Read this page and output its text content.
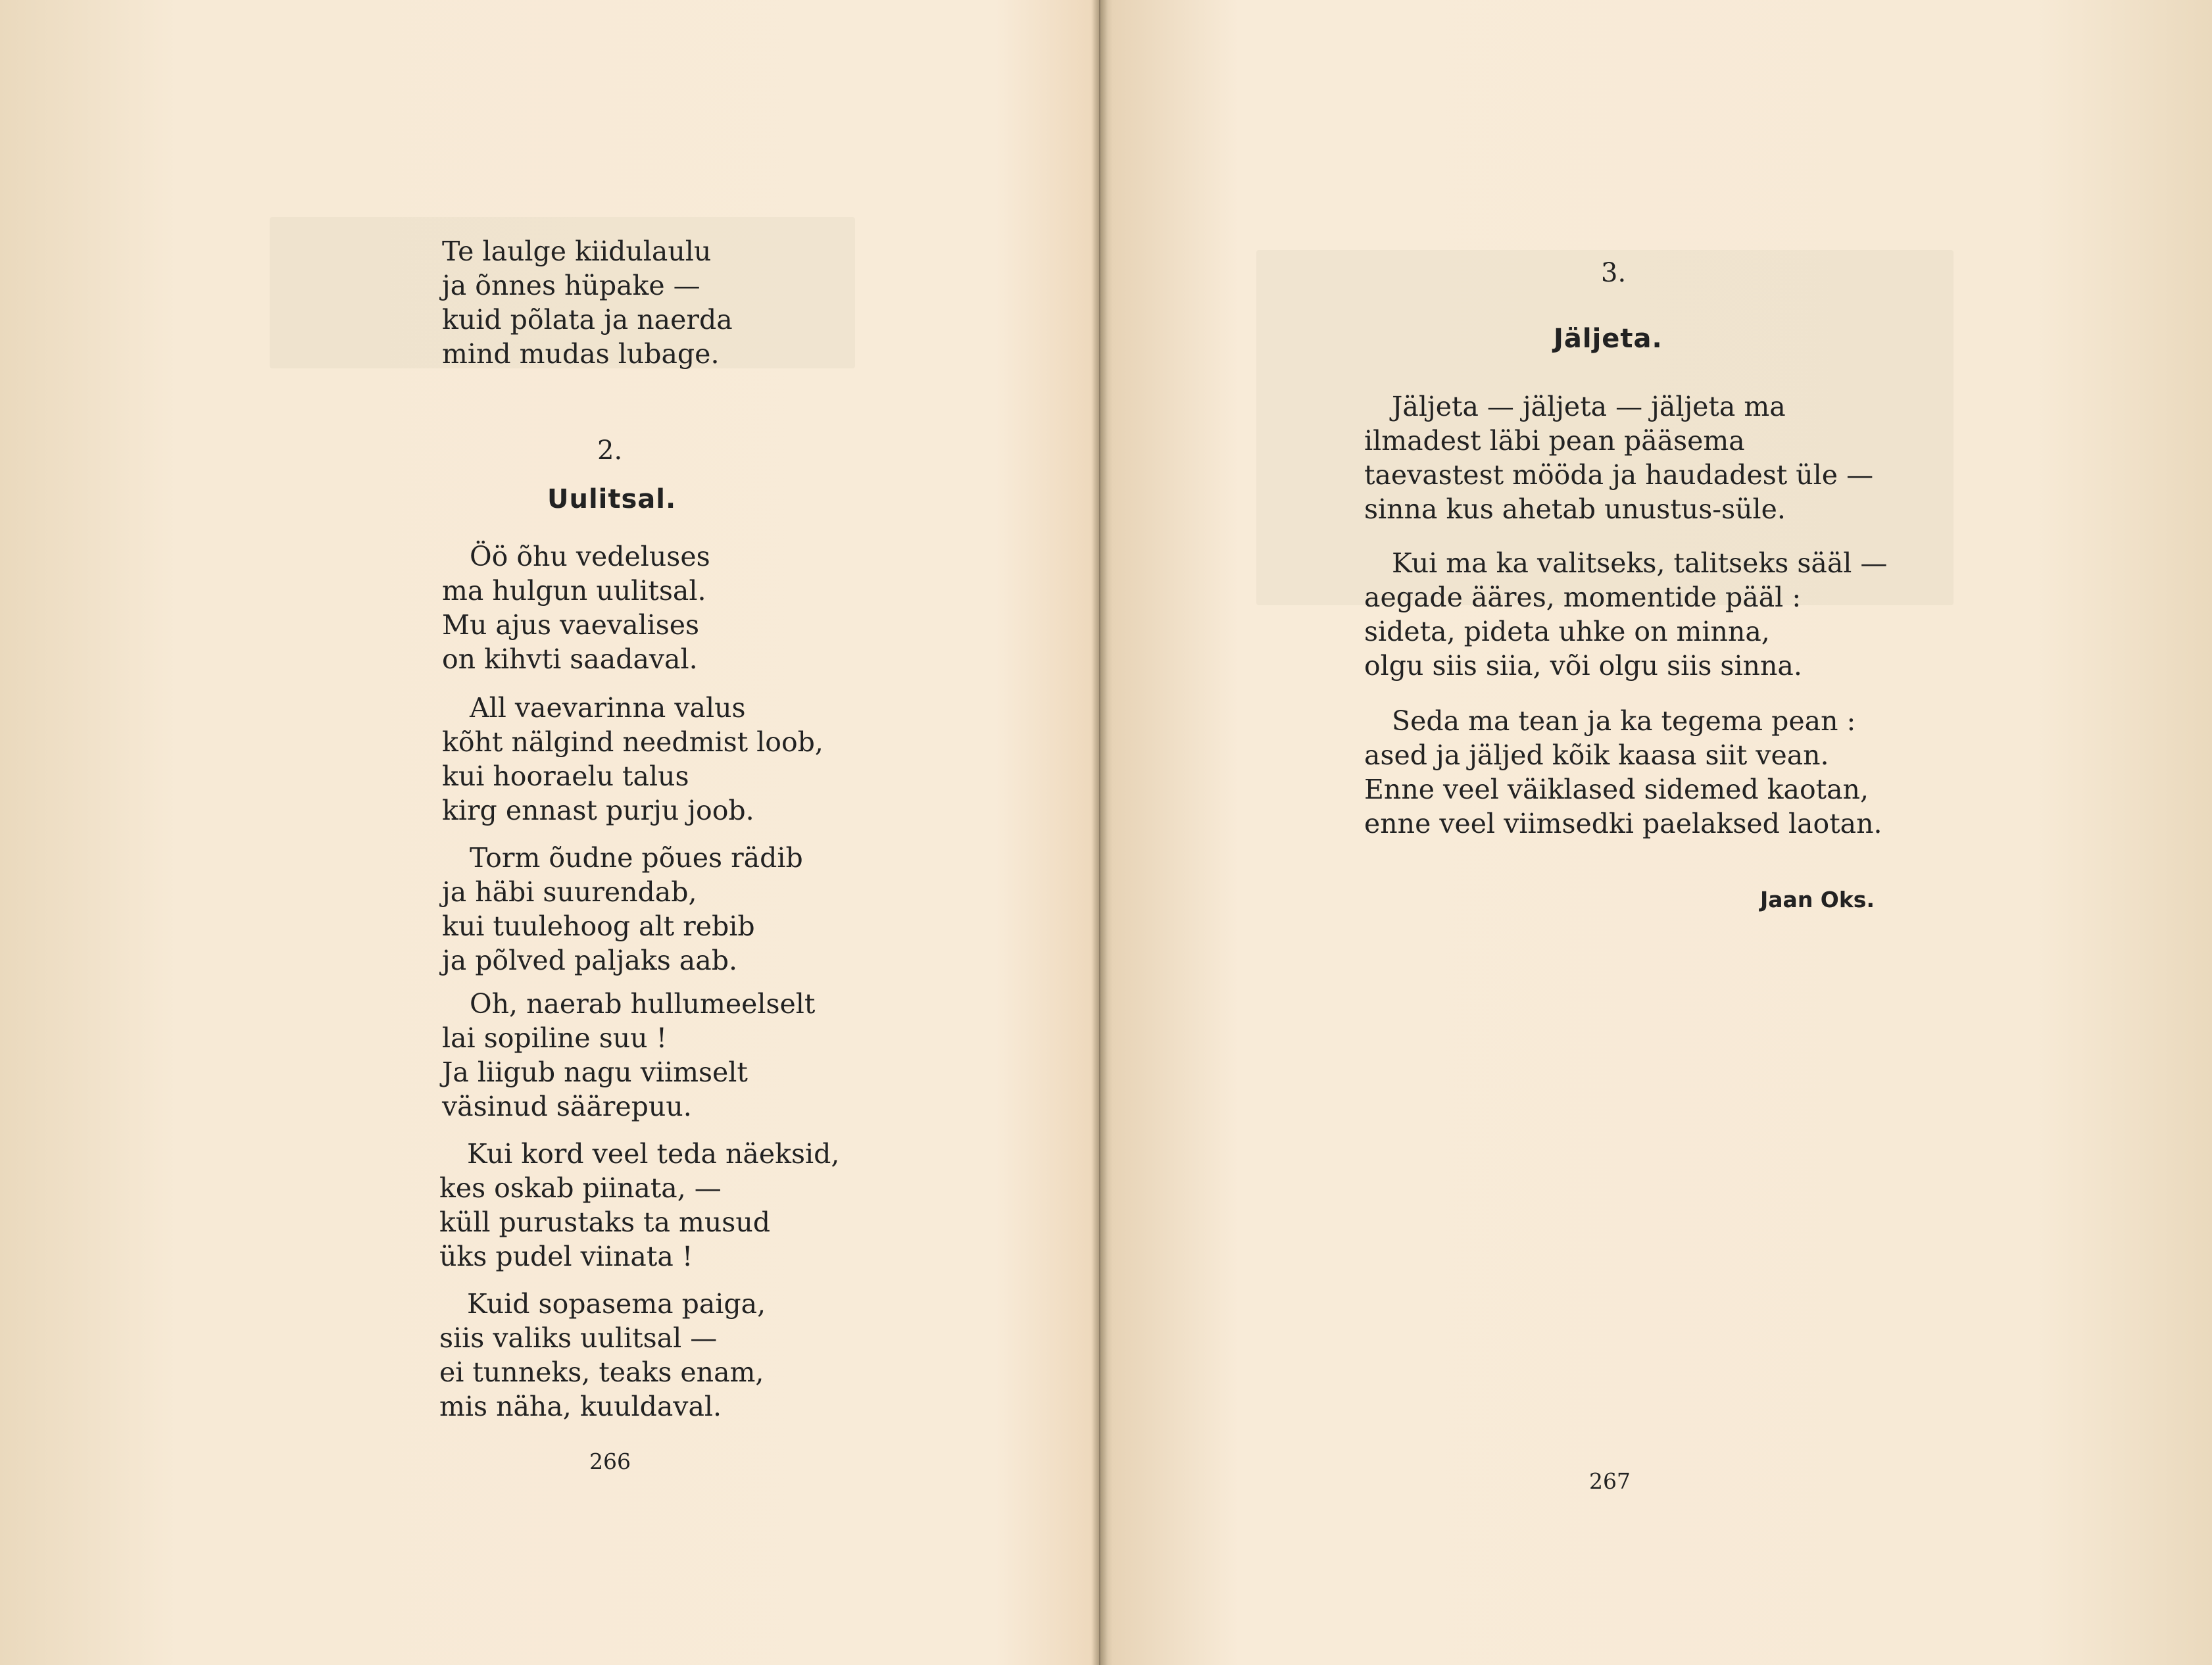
Te laulge kiidulaulu
ja õnnes hüpake —
kuid põlata ja naerda
mind mudas lubage.
2.
Uulitsal.
Öö õhu vedeluses
ma hulgun uulitsal.
Mu ajus vaevalises
on kihvti saadaval.
All vaevarinna valus
kõht nälgind needmist loob,
kui hooraelu talus
kirg ennast purju joob.
Torm õudne põues rädib
ja häbi suurendab,
kui tuulehoog alt rebib
ja põlved paljaks aab.
Oh, naerab hullumeelselt
lai sopiline suu !
Ja liigub nagu viimselt
väsinud säärepuu.
Kui kord veel teda näeksid,
kes oskab piinata, —
küll purustaks ta musud
üks pudel viinata !
Kuid sopasema paiga,
siis valiks uulitsal —
ei tunneks, teaks enam,
mis näha, kuuldaval.
266
3.
Jäljeta.
Jäljeta — jäljeta — jäljeta ma
ilmadest läbi pean pääsema
taevastest mööda ja haudadest üle —
sinna kus ahetab unustus-süle.
Kui ma ka valitseks, talitseks sääl —
aegade ääres, momentide pääl :
sideta, pideta uhke on minna,
olgu siis siia, või olgu siis sinna.
Seda ma tean ja ka tegema pean :
ased ja jäljed kõik kaasa siit vean.
Enne veel väiklased sidemed kaotan,
enne veel viimsedki paelaksed laotan.
Jaan Oks.
267
